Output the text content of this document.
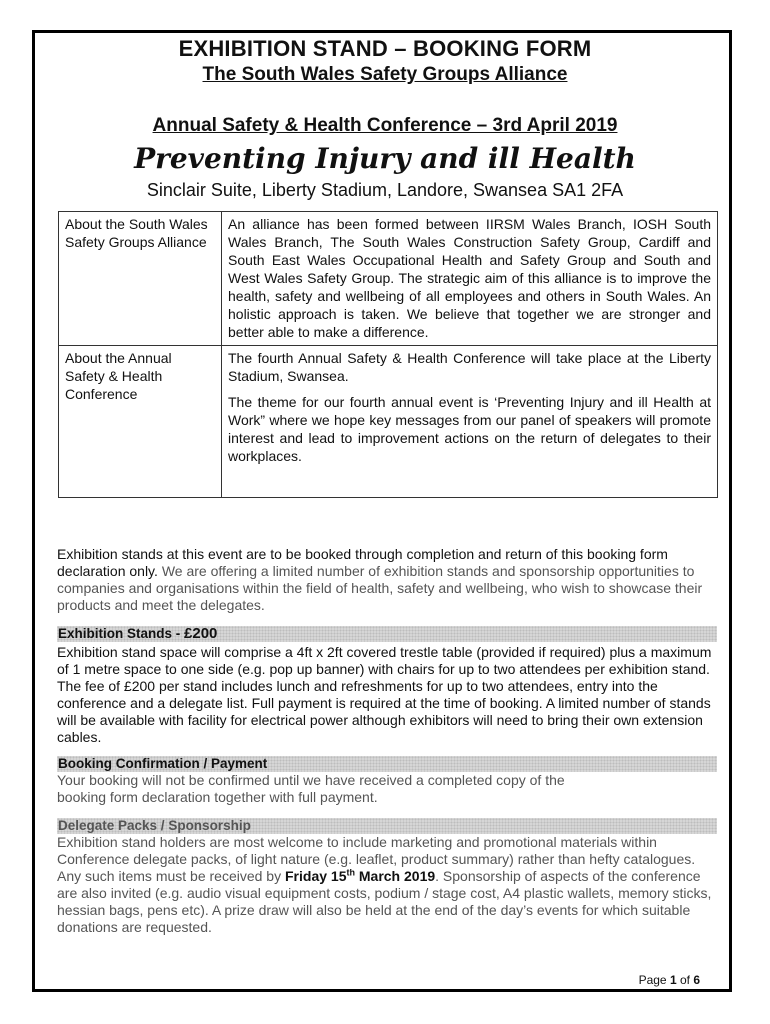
EXHIBITION STAND – BOOKING FORM
The South Wales Safety Groups Alliance
Annual Safety & Health Conference – 3rd April 2019
Preventing Injury and ill Health
Sinclair Suite, Liberty Stadium, Landore, Swansea SA1 2FA
About the South Wales Safety Groups Alliance	An alliance has been formed between IIRSM Wales Branch, IOSH South Wales Branch, The South Wales Construction Safety Group, Cardiff and South East Wales Occupational Health and Safety Group and South and West Wales Safety Group. The strategic aim of this alliance is to improve the health, safety and wellbeing of all employees and others in South Wales. An holistic approach is taken. We believe that together we are stronger and better able to make a difference.

About the Annual Safety & Health Conference	The fourth Annual Safety & Health Conference will take place at the Liberty Stadium, Swansea.

The theme for our fourth annual event is ‘Preventing Injury and ill Health at Work” where we hope key messages from our panel of speakers will promote interest and lead to improvement actions on the return of delegates to their workplaces.

Exhibition stands at this event are to be booked through completion and return of this booking form declaration only. We are offering a limited number of exhibition stands and sponsorship opportunities to companies and organisations within the field of health, safety and wellbeing, who wish to showcase their products and meet the delegates.
Exhibition Stands - £200
Exhibition stand space will comprise a 4ft x 2ft covered trestle table (provided if required) plus a maximum of 1 metre space to one side (e.g. pop up banner) with chairs for up to two attendees per exhibition stand. The fee of £200 per stand includes lunch and refreshments for up to two attendees, entry into the conference and a delegate list. Full payment is required at the time of booking. A limited number of stands will be available with facility for electrical power although exhibitors will need to bring their own extension cables.
Booking Confirmation / Payment
Your booking will not be confirmed until we have received a completed copy of the
booking form declaration together with full payment.
Delegate Packs / Sponsorship
Exhibition stand holders are most welcome to include marketing and promotional materials within Conference delegate packs, of light nature (e.g. leaflet, product summary) rather than hefty catalogues. Any such items must be received by Friday 15th March 2019. Sponsorship of aspects of the conference are also invited (e.g. audio visual equipment costs, podium / stage cost, A4 plastic wallets, memory sticks, hessian bags, pens etc). A prize draw will also be held at the end of the day’s events for which suitable donations are requested.
Page 1 of 6
